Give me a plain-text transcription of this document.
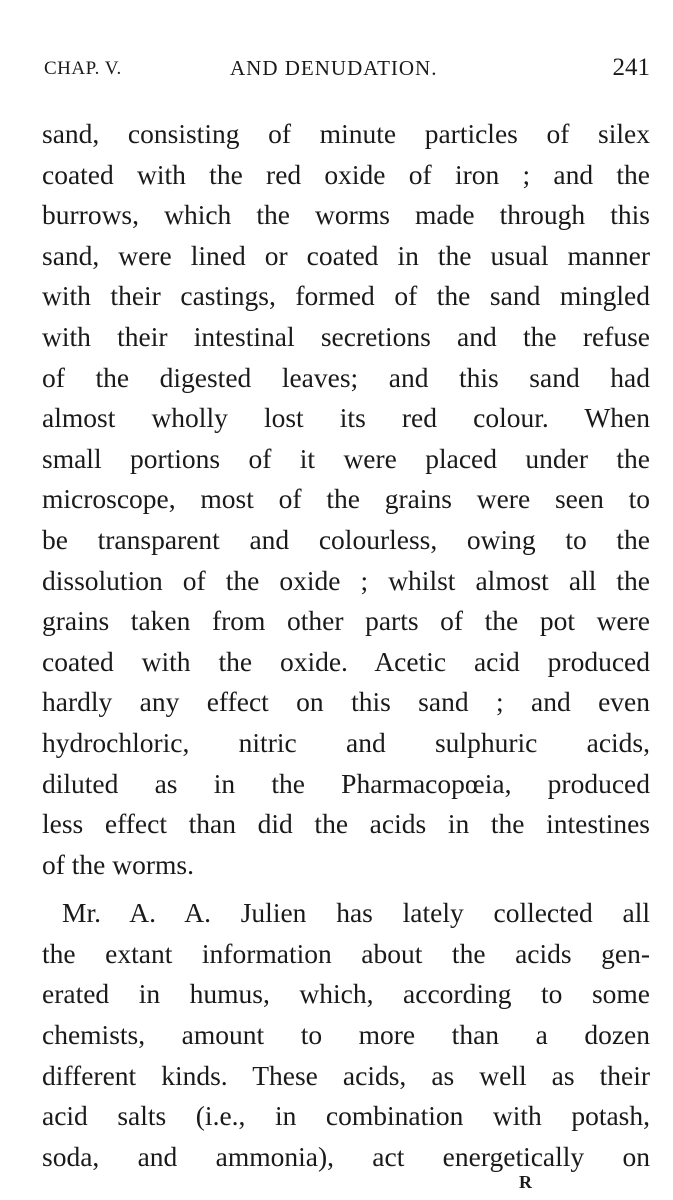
CHAP. V.	AND DENUDATION.	241
sand, consisting of minute particles of silex
coated with the red oxide of iron ; and the
burrows, which the worms made through this
sand, were lined or coated in the usual manner
with their castings, formed of the sand mingled
with their intestinal secretions and the refuse
of the digested leaves; and this sand had
almost wholly lost its red colour. When
small portions of it were placed under the
microscope, most of the grains were seen to
be transparent and colourless, owing to the
dissolution of the oxide ; whilst almost all the
grains taken from other parts of the pot were
coated with the oxide. Acetic acid produced
hardly any effect on this sand ; and even
hydrochloric, nitric and sulphuric acids,
diluted as in the Pharmacopœia, produced
less effect than did the acids in the intestines
of the worms.
Mr. A. A. Julien has lately collected all
the extant information about the acids gen-
erated in humus, which, according to some
chemists, amount to more than a dozen
different kinds. These acids, as well as their
acid salts (i.e., in combination with potash,
soda, and ammonia), act energetically on
R
